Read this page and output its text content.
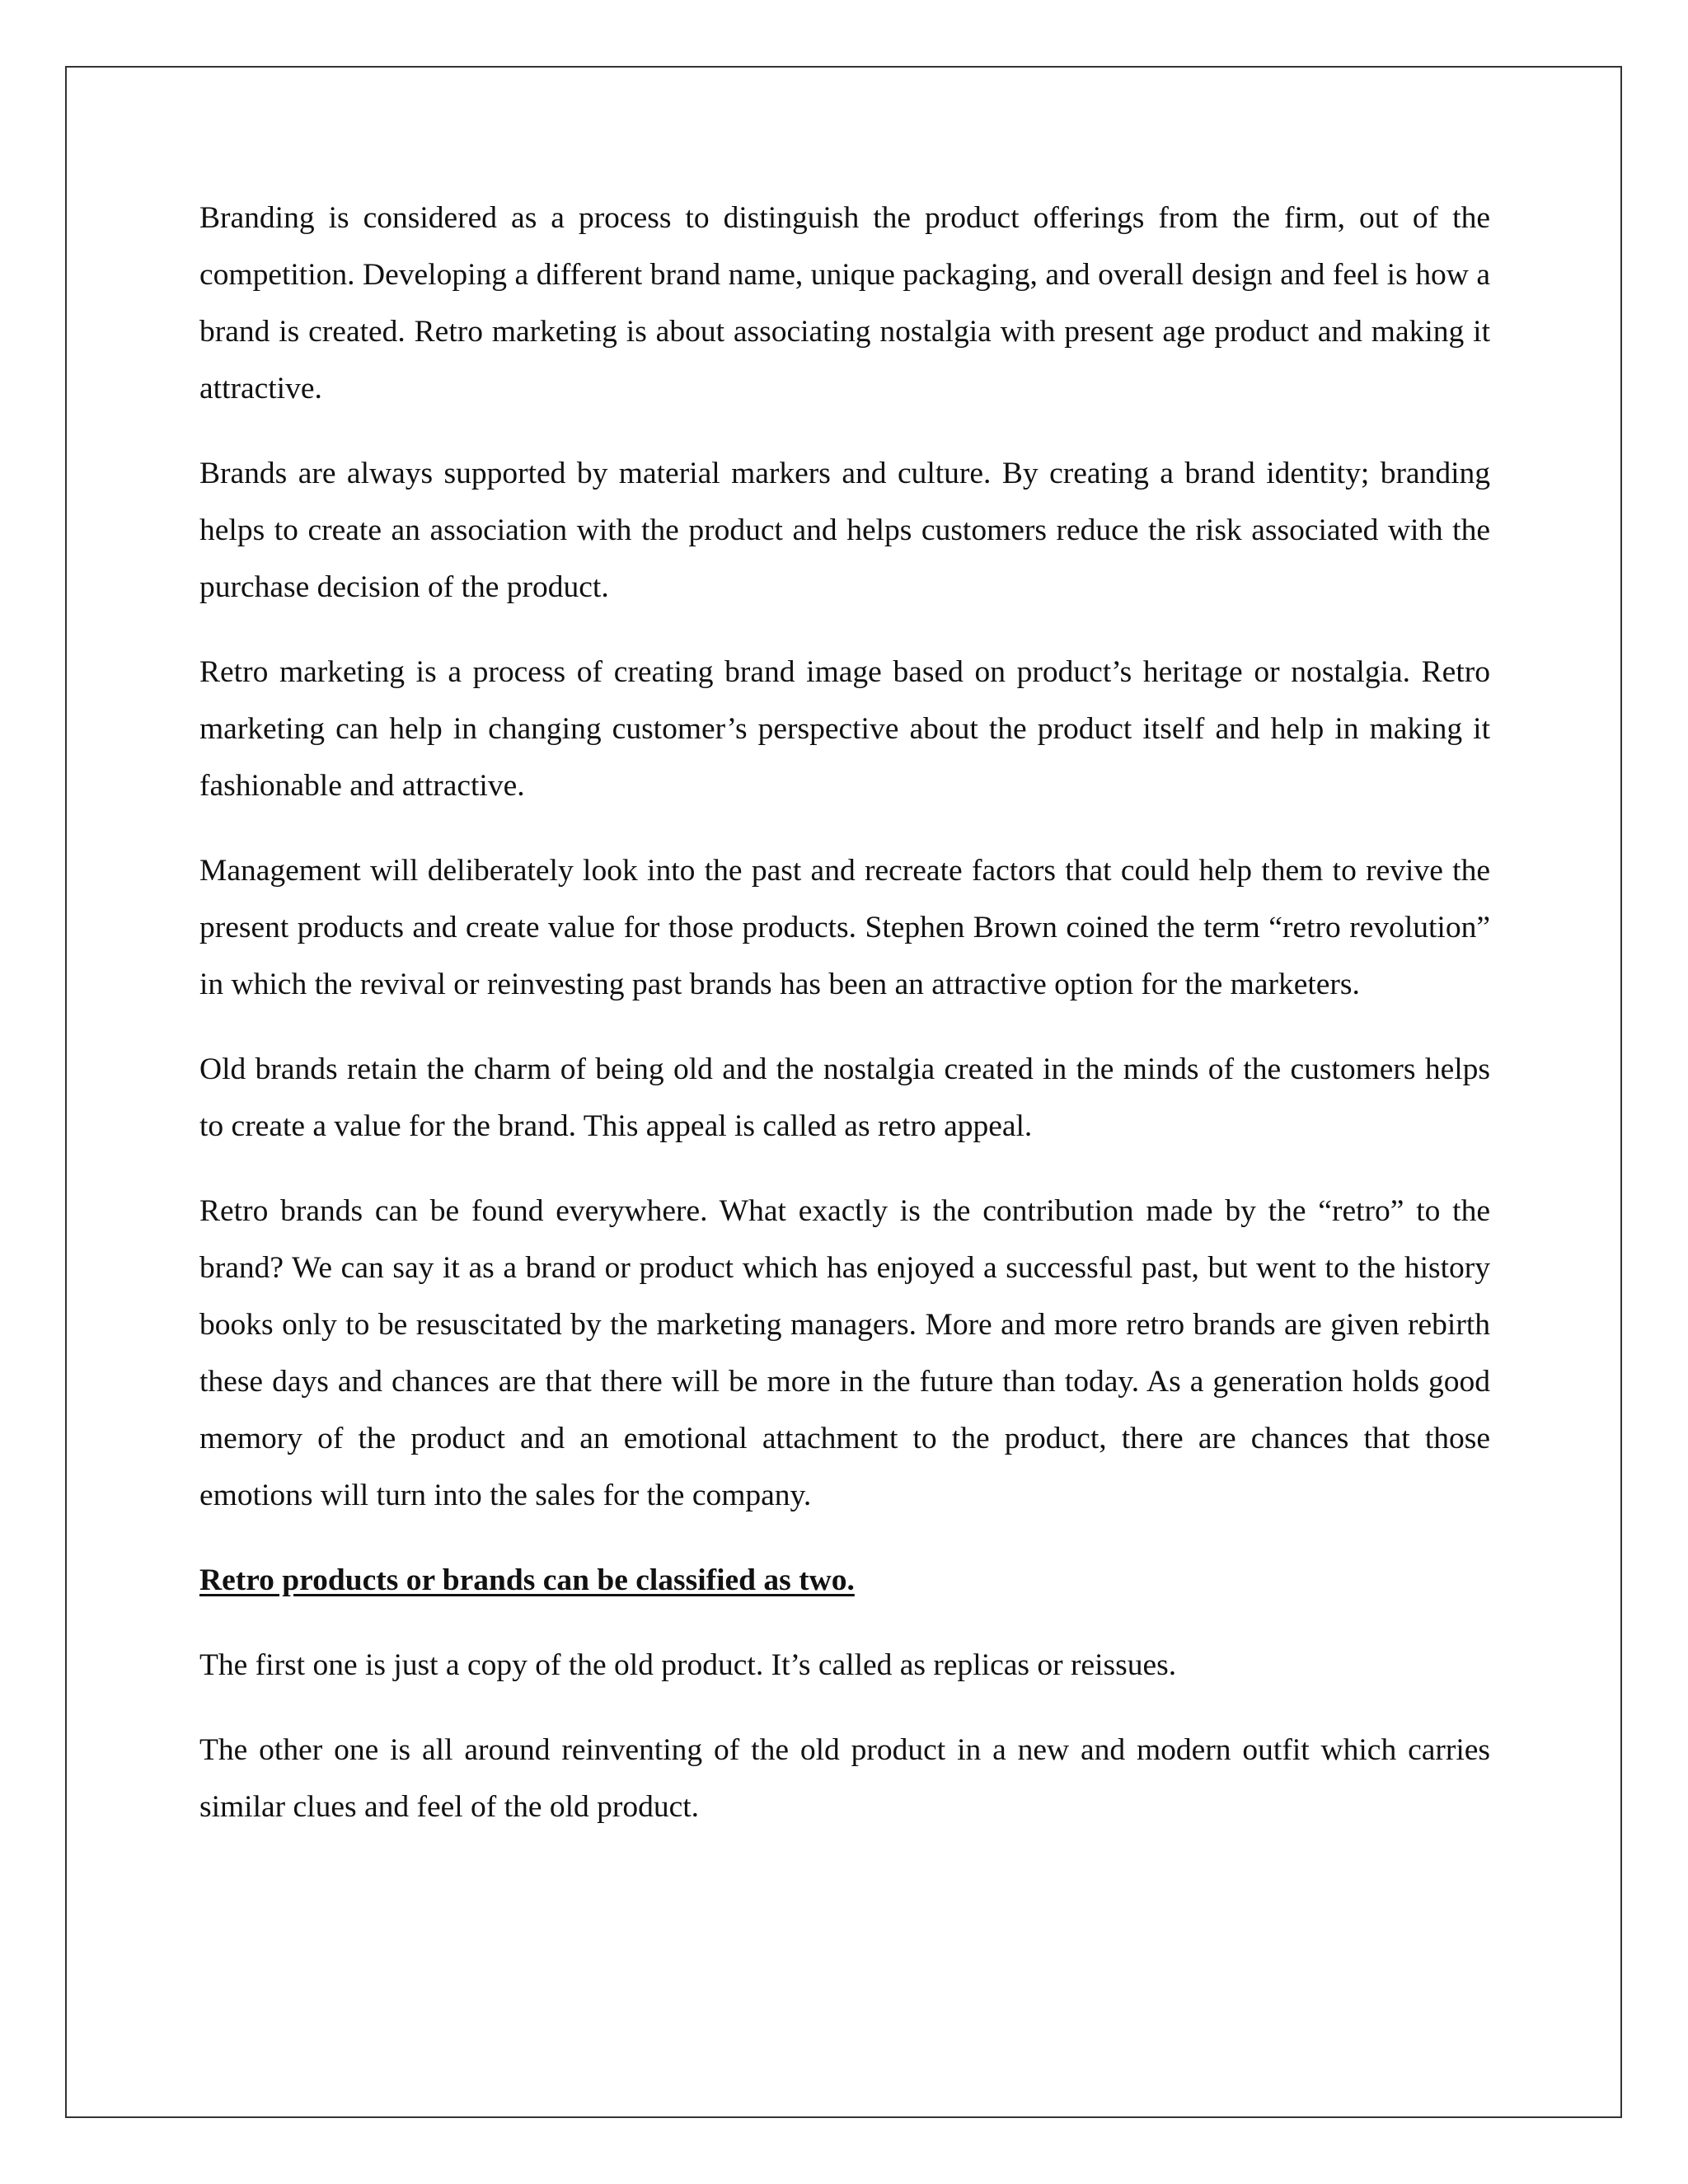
Branding is considered as a process to distinguish the product offerings from the firm, out of the competition. Developing a different brand name, unique packaging, and overall design and feel is how a brand is created. Retro marketing is about associating nostalgia with present age product and making it attractive.

Brands are always supported by material markers and culture. By creating a brand identity; branding helps to create an association with the product and helps customers reduce the risk associated with the purchase decision of the product.

Retro marketing is a process of creating brand image based on product’s heritage or nostalgia. Retro marketing can help in changing customer’s perspective about the product itself and help in making it fashionable and attractive.

Management will deliberately look into the past and recreate factors that could help them to revive the present products and create value for those products. Stephen Brown coined the term “retro revolution” in which the revival or reinvesting past brands has been an attractive option for the marketers.

Old brands retain the charm of being old and the nostalgia created in the minds of the customers helps to create a value for the brand. This appeal is called as retro appeal.

Retro brands can be found everywhere. What exactly is the contribution made by the “retro” to the brand? We can say it as a brand or product which has enjoyed a successful past, but went to the history books only to be resuscitated by the marketing managers. More and more retro brands are given rebirth these days and chances are that there will be more in the future than today. As a generation holds good memory of the product and an emotional attachment to the product, there are chances that those emotions will turn into the sales for the company.

Retro products or brands can be classified as two.

The first one is just a copy of the old product. It’s called as replicas or reissues.

The other one is all around reinventing of the old product in a new and modern outfit which carries similar clues and feel of the old product.
